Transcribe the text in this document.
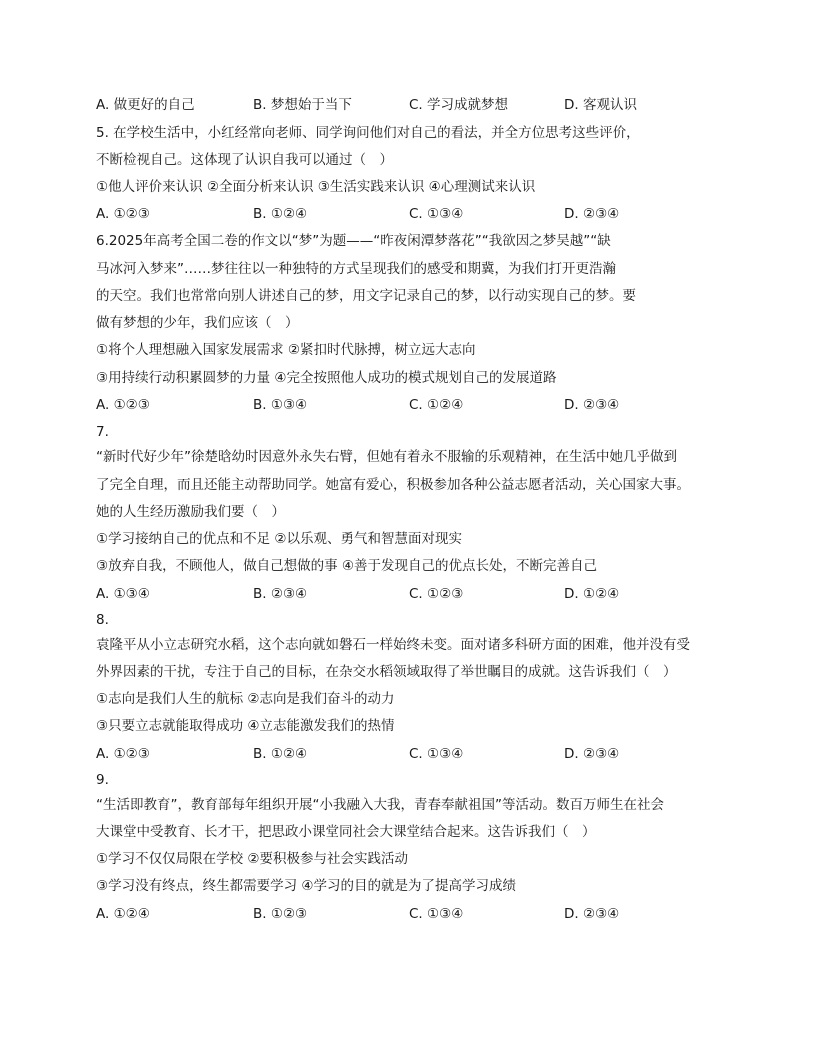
A. 做更好的自己	B. 梦想始于当下	C. 学习成就梦想	D. 客观认识
5. 在学校生活中，小红经常向老师、同学询问他们对自己的看法，并全方位思考这些评价，
不断检视自己。这体现了认识自我可以通过（　）
①他人评价来认识 ②全面分析来认识 ③生活实践来认识 ④心理测试来认识
A. ①②③	B. ①②④	C. ①③④	D. ②③④
6.2025年高考全国二卷的作文以“梦”为题——“昨夜闲潭梦落花”“我欲因之梦吴越”“缺
马冰河入梦来”……梦往往以一种独特的方式呈现我们的感受和期冀，为我们打开更浩瀚
的天空。我们也常常向别人讲述自己的梦，用文字记录自己的梦，以行动实现自己的梦。要
做有梦想的少年，我们应该（　）
①将个人理想融入国家发展需求 ②紧扣时代脉搏，树立远大志向
③用持续行动积累圆梦的力量 ④完全按照他人成功的模式规划自己的发展道路
A. ①②③	B. ①③④	C. ①②④	D. ②③④
7.
“新时代好少年”徐楚晗幼时因意外永失右臂，但她有着永不服输的乐观精神，在生活中她几乎做到
了完全自理，而且还能主动帮助同学。她富有爱心，积极参加各种公益志愿者活动，关心国家大事。
她的人生经历激励我们要（　）
①学习接纳自己的优点和不足 ②以乐观、勇气和智慧面对现实
③放弃自我，不顾他人，做自己想做的事 ④善于发现自己的优点长处，不断完善自己
A. ①③④	B. ②③④	C. ①②③	D. ①②④
8.
袁隆平从小立志研究水稻，这个志向就如磐石一样始终未变。面对诸多科研方面的困难，他并没有受
外界因素的干扰，专注于自己的目标，在杂交水稻领域取得了举世瞩目的成就。这告诉我们（　）
①志向是我们人生的航标 ②志向是我们奋斗的动力
③只要立志就能取得成功 ④立志能激发我们的热情
A. ①②③	B. ①②④	C. ①③④	D. ②③④
9.
“生活即教育”，教育部每年组织开展“小我融入大我，青春奉献祖国”等活动。数百万师生在社会
大课堂中受教育、长才干，把思政小课堂同社会大课堂结合起来。这告诉我们（　）
①学习不仅仅局限在学校 ②要积极参与社会实践活动
③学习没有终点，终生都需要学习 ④学习的目的就是为了提高学习成绩
A. ①②④	B. ①②③	C. ①③④	D. ②③④
